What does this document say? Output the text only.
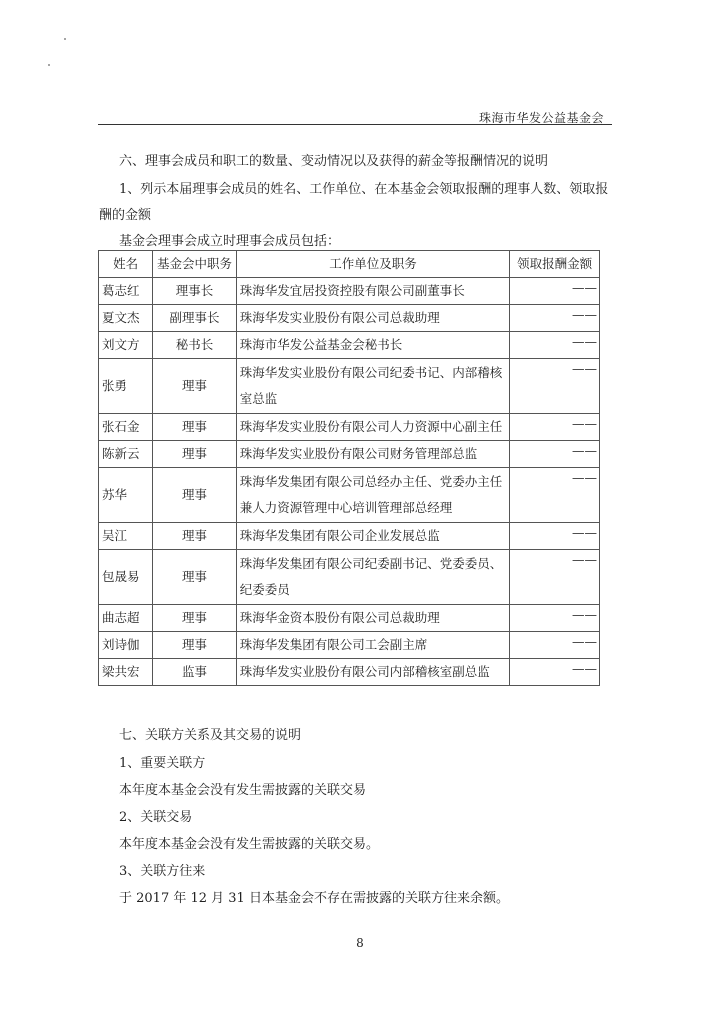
珠海市华发公益基金会
六、理事会成员和职工的数量、变动情况以及获得的薪金等报酬情况的说明
1、列示本届理事会成员的姓名、工作单位、在本基金会领取报酬的理事人数、领取报
酬的金额
基金会理事会成立时理事会成员包括：
姓名	基金会中职务	工作单位及职务	领取报酬金额
葛志红	理事长	珠海华发宜居投资控股有限公司副董事长	——
夏文杰	副理事长	珠海华发实业股份有限公司总裁助理	——
刘文方	秘书长	珠海市华发公益基金会秘书长	——
张勇	理事	珠海华发实业股份有限公司纪委书记、内部稽核室总监	——
张石金	理事	珠海华发实业股份有限公司人力资源中心副主任	——
陈新云	理事	珠海华发实业股份有限公司财务管理部总监	——
苏华	理事	珠海华发集团有限公司总经办主任、党委办主任兼人力资源管理中心培训管理部总经理	——
吴江	理事	珠海华发集团有限公司企业发展总监	——
包晟易	理事	珠海华发集团有限公司纪委副书记、党委委员、纪委委员	——
曲志超	理事	珠海华金资本股份有限公司总裁助理	——
刘诗伽	理事	珠海华发集团有限公司工会副主席	——
梁共宏	监事	珠海华发实业股份有限公司内部稽核室副总监	——
七、关联方关系及其交易的说明
1、重要关联方
本年度本基金会没有发生需披露的关联交易
2、关联交易
本年度本基金会没有发生需披露的关联交易。
3、关联方往来
于 2017 年 12 月 31 日本基金会不存在需披露的关联方往来余额。
8
